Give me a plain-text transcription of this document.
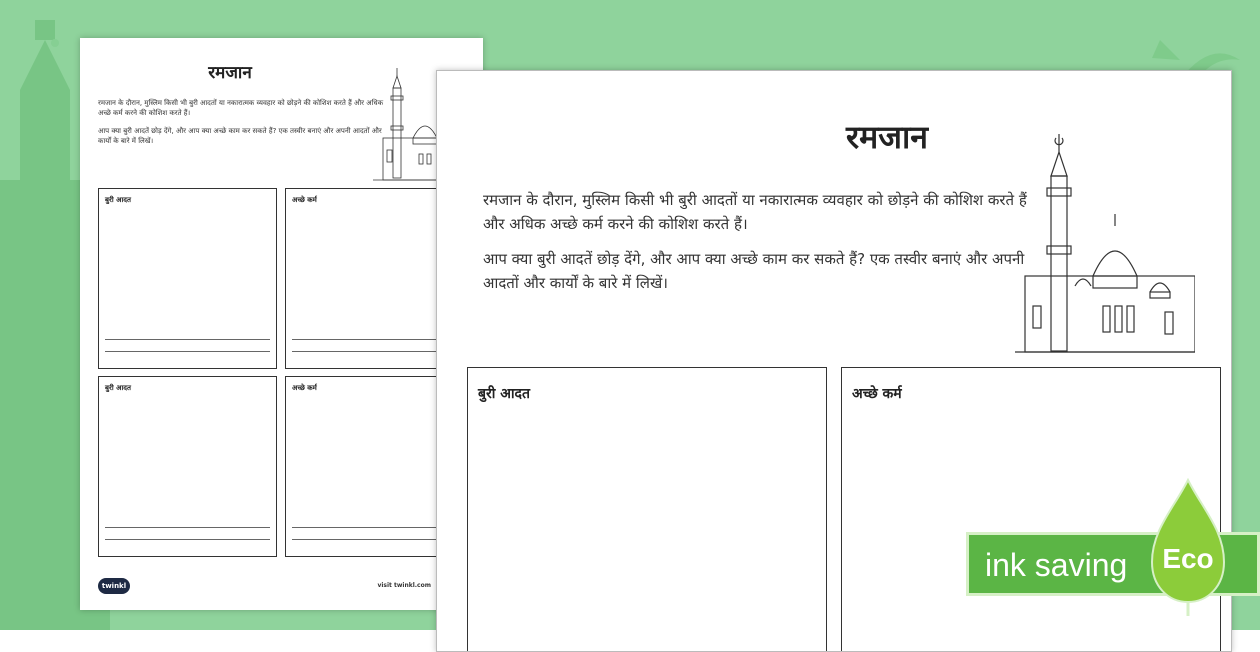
रमजान
रमजान के दौरान, मुस्लिम किसी भी बुरी आदतों या नकारात्मक व्यवहार को छोड़ने की कोशिश करते हैं और अधिक अच्छे कर्म करने की कोशिश करते हैं।
आप क्या बुरी आदतें छोड़ देंगे, और आप क्या अच्छे काम कर सकते हैं? एक तस्वीर बनाएं और अपनी आदतों और कार्यों के बारे में लिखें।
बुरी आदत	अच्छे कर्म
बुरी आदत	अच्छे कर्म
twinkl	visit twinkl.com
रमजान
रमजान के दौरान, मुस्लिम किसी भी बुरी आदतों या नकारात्मक व्यवहार को छोड़ने की कोशिश करते हैं और अधिक अच्छे कर्म करने की कोशिश करते हैं।
आप क्या बुरी आदतें छोड़ देंगे, और आप क्या अच्छे काम कर सकते हैं? एक तस्वीर बनाएं और अपनी आदतों और कार्यों के बारे में लिखें।
बुरी आदत	अच्छे कर्म
ink saving Eco
